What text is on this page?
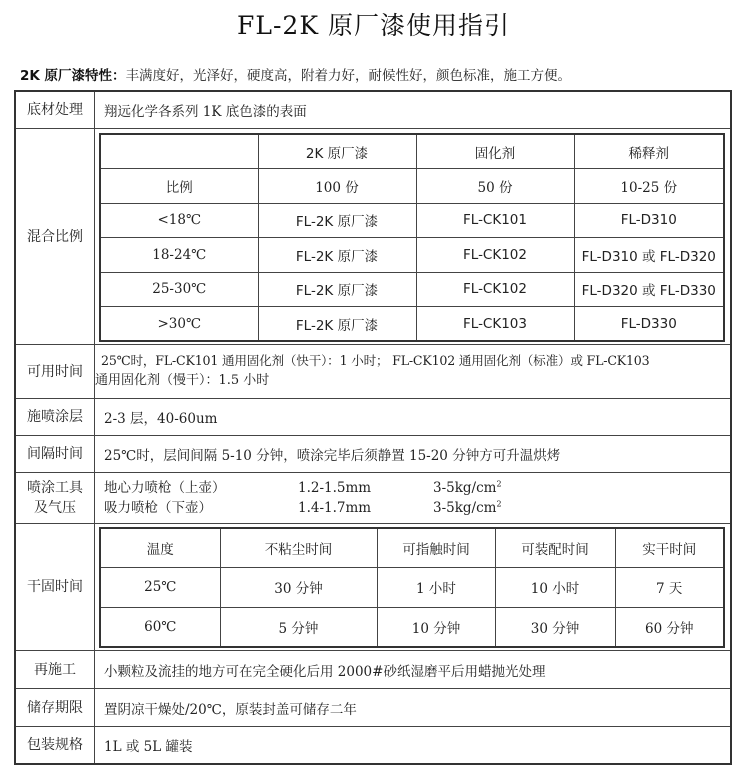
FL-2K 原厂漆使用指引
2K 原厂漆特性：丰满度好，光泽好，硬度高，附着力好，耐候性好，颜色标准，施工方便。
底材处理	翔远化学各系列 1K 底色漆的表面
混合比例
	2K 原厂漆	固化剂	稀释剂
比例	100 份	50 份	10-25 份
<18℃	FL-2K 原厂漆	FL-CK101	FL-D310
18-24℃	FL-2K 原厂漆	FL-CK102	FL-D310 或 FL-D320
25-30℃	FL-2K 原厂漆	FL-CK102	FL-D320 或 FL-D330
>30℃	FL-2K 原厂漆	FL-CK103	FL-D330
可用时间
25℃时，FL-CK101 通用固化剂（快干）：1 小时； FL-CK102 通用固化剂（标准）或 FL-CK103
通用固化剂（慢干）：1.5 小时
施喷涂层	2-3 层，40-60um
间隔时间	25℃时，层间间隔 5-10 分钟，喷涂完毕后须静置 15-20 分钟方可升温烘烤
喷涂工具
及气压
地心力喷枪（上壶）	1.2-1.5mm	$3-5kg/cm^2$
吸力喷枪（下壶）	1.4-1.7mm	$3-5kg/cm^2$
干固时间
温度	不粘尘时间	可指触时间	可装配时间	实干时间
25℃	30 分钟	1 小时	10 小时	7 天
60℃	5 分钟	10 分钟	30 分钟	60 分钟
再施工	小颗粒及流挂的地方可在完全硬化后用 2000#砂纸湿磨平后用蜡抛光处理
储存期限	置阴凉干燥处/20℃，原装封盖可储存二年
包装规格	1L 或 5L 罐装
